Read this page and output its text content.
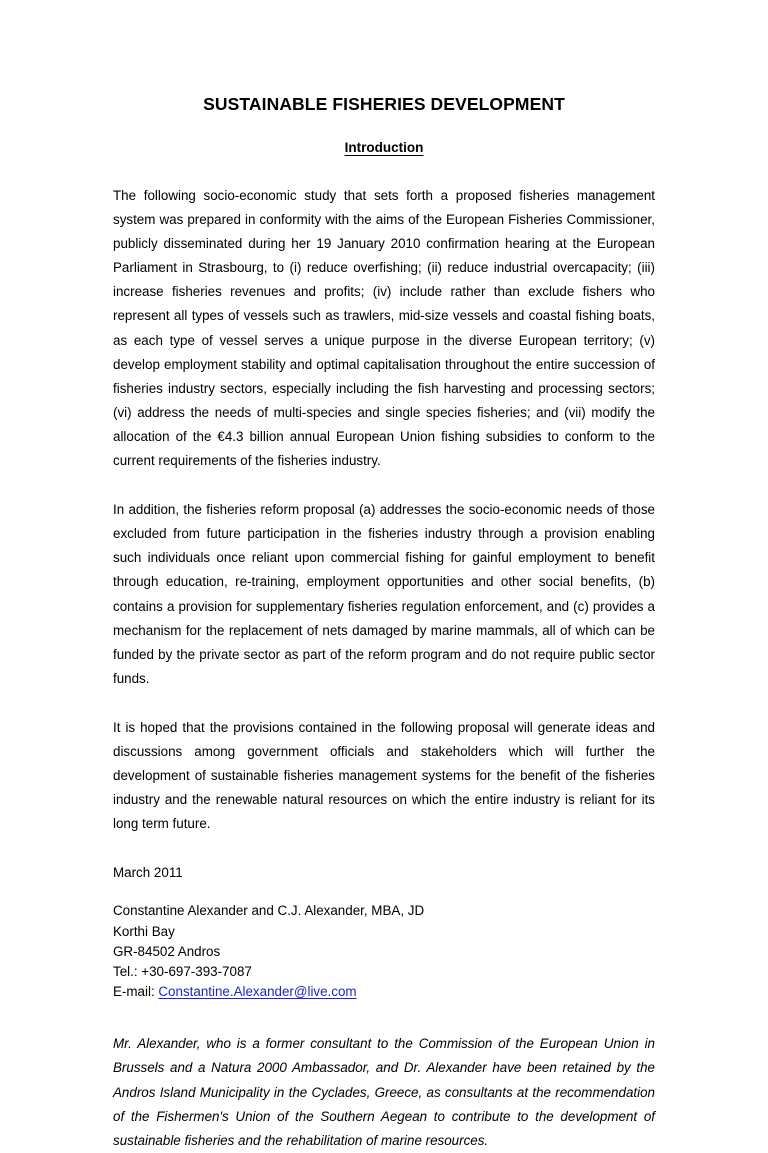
SUSTAINABLE FISHERIES DEVELOPMENT
Introduction

The following socio-economic study that sets forth a proposed fisheries management system was prepared in conformity with the aims of the European Fisheries Commissioner, publicly disseminated during her 19 January 2010 confirmation hearing at the European Parliament in Strasbourg, to (i) reduce overfishing; (ii) reduce industrial overcapacity; (iii) increase fisheries revenues and profits; (iv) include rather than exclude fishers who represent all types of vessels such as trawlers, mid-size vessels and coastal fishing boats, as each type of vessel serves a unique purpose in the diverse European territory; (v) develop employment stability and optimal capitalisation throughout the entire succession of fisheries industry sectors, especially including the fish harvesting and processing sectors; (vi) address the needs of multi-species and single species fisheries; and (vii) modify the allocation of the €4.3 billion annual European Union fishing subsidies to conform to the current requirements of the fisheries industry.

In addition, the fisheries reform proposal (a) addresses the socio-economic needs of those excluded from future participation in the fisheries industry through a provision enabling such individuals once reliant upon commercial fishing for gainful employment to benefit through education, re-training, employment opportunities and other social benefits, (b) contains a provision for supplementary fisheries regulation enforcement, and (c) provides a mechanism for the replacement of nets damaged by marine mammals, all of which can be funded by the private sector as part of the reform program and do not require public sector funds.

It is hoped that the provisions contained in the following proposal will generate ideas and discussions among government officials and stakeholders which will further the development of sustainable fisheries management systems for the benefit of the fisheries industry and the renewable natural resources on which the entire industry is reliant for its long term future.

March 2011

Constantine Alexander and C.J. Alexander, MBA, JD
Korthi Bay
GR-84502 Andros
Tel.: +30-697-393-7087
E-mail: Constantine.Alexander@live.com

Mr. Alexander, who is a former consultant to the Commission of the European Union in Brussels and a Natura 2000 Ambassador, and Dr. Alexander have been retained by the Andros Island Municipality in the Cyclades, Greece, as consultants at the recommendation of the Fishermen's Union of the Southern Aegean to contribute to the development of sustainable fisheries and the rehabilitation of marine resources.
